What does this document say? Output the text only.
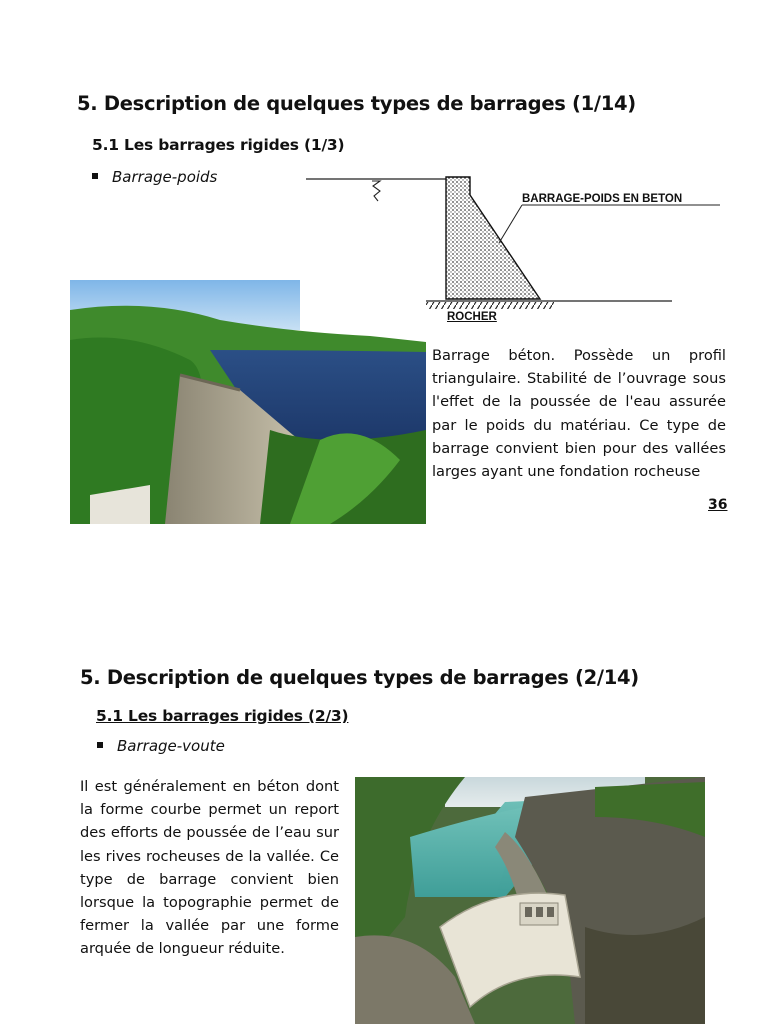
5. Description de quelques types de barrages (1/14)
5.1 Les barrages rigides (1/3)
Barrage-poids
BARRAGE-POIDS EN BETON
ROCHER
Barrage béton. Possède un profil triangulaire. Stabilité de l’ouvrage sous l'effet de la poussée de l'eau assurée par le poids du matériau. Ce type de barrage convient bien pour des vallées larges ayant une fondation rocheuse
36
5. Description de quelques types de barrages (2/14)
5.1 Les barrages rigides (2/3)
Barrage-voute
Il est généralement en béton dont la forme courbe permet un report des efforts de poussée de l’eau sur les rives rocheuses de la vallée. Ce type de barrage convient bien lorsque la topographie permet de fermer la vallée par une forme arquée de longueur réduite.
